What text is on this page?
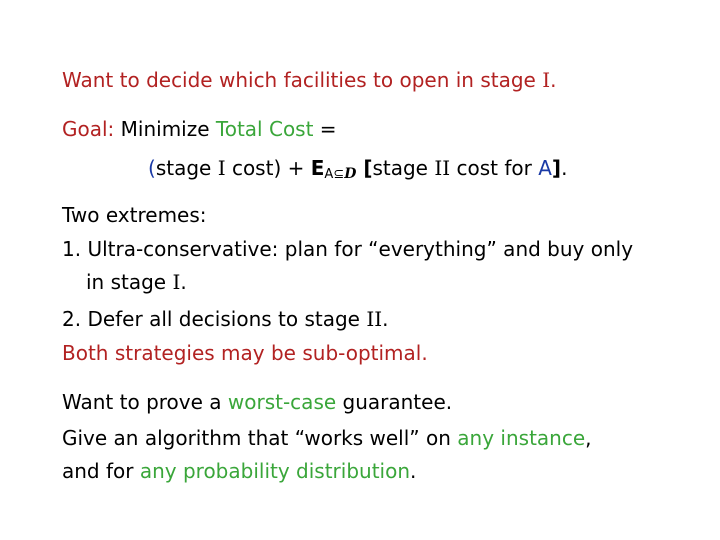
Want to decide which facilities to open in stage I.
Goal: Minimize Total Cost =
(stage I cost) + EA⊆D [stage II cost for A].
Two extremes:
1. Ultra-conservative: plan for “everything” and buy only
in stage I.
2. Defer all decisions to stage II.
Both strategies may be sub-optimal.
Want to prove a worst-case guarantee.
Give an algorithm that “works well” on any instance,
and for any probability distribution.
